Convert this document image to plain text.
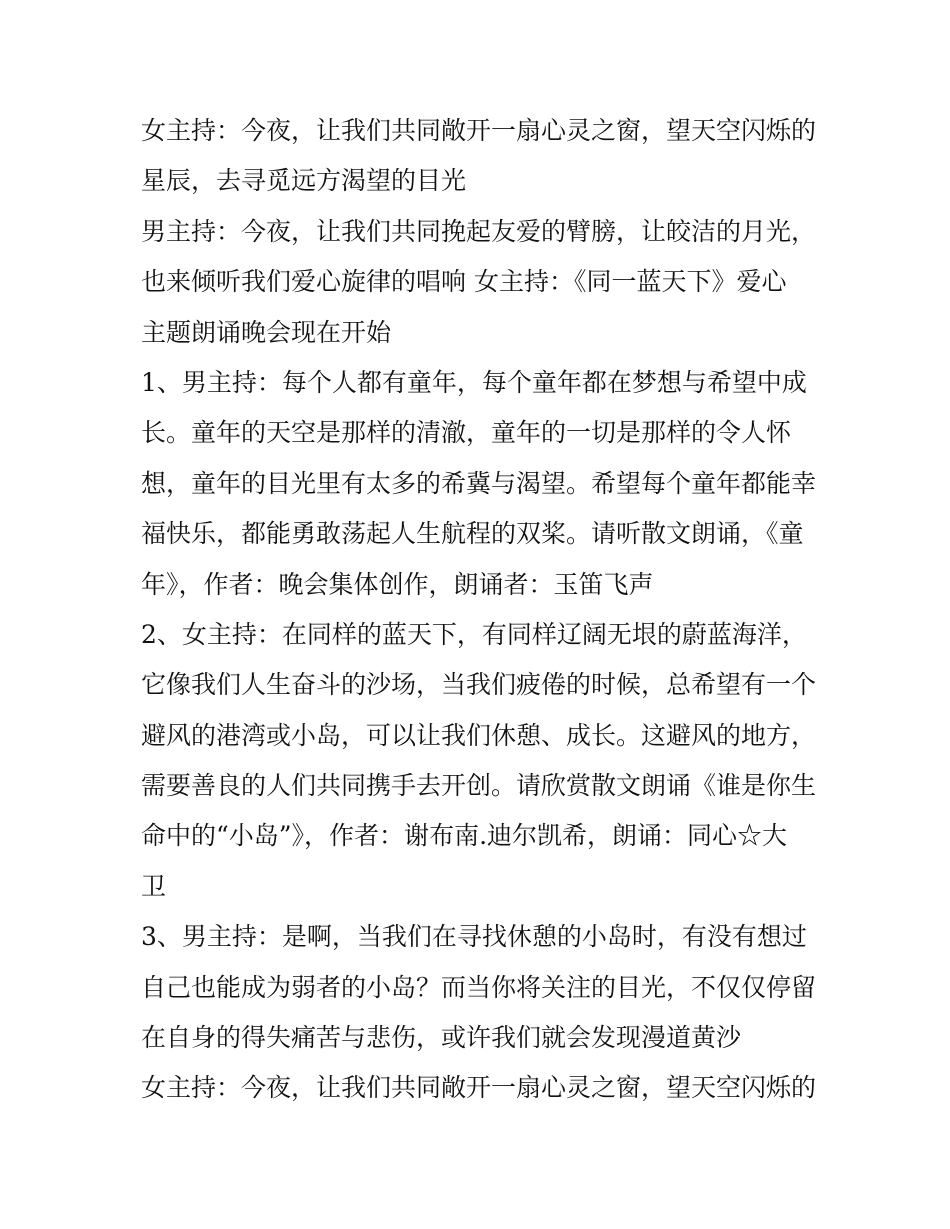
女主持：今夜，让我们共同敞开一扇心灵之窗，望天空闪烁的
星辰，去寻觅远方渴望的目光
男主持：今夜，让我们共同挽起友爱的臂膀，让皎洁的月光，
也来倾听我们爱心旋律的唱响 女主持：《同一蓝天下》爱心
主题朗诵晚会现在开始
1、男主持：每个人都有童年，每个童年都在梦想与希望中成
长。童年的天空是那样的清澈，童年的一切是那样的令人怀
想，童年的目光里有太多的希冀与渴望。希望每个童年都能幸
福快乐，都能勇敢荡起人生航程的双桨。请听散文朗诵，《童
年》，作者：晚会集体创作，朗诵者：玉笛飞声
2、女主持：在同样的蓝天下，有同样辽阔无垠的蔚蓝海洋，
它像我们人生奋斗的沙场，当我们疲倦的时候，总希望有一个
避风的港湾或小岛，可以让我们休憩、成长。这避风的地方，
需要善良的人们共同携手去开创。请欣赏散文朗诵《谁是你生
命中的“小岛”》，作者：谢布南.迪尔凯希，朗诵：同心☆大
卫
3、男主持：是啊，当我们在寻找休憩的小岛时，有没有想过
自己也能成为弱者的小岛？而当你将关注的目光，不仅仅停留
在自身的得失痛苦与悲伤，或许我们就会发现漫道黄沙
女主持：今夜，让我们共同敞开一扇心灵之窗，望天空闪烁的
